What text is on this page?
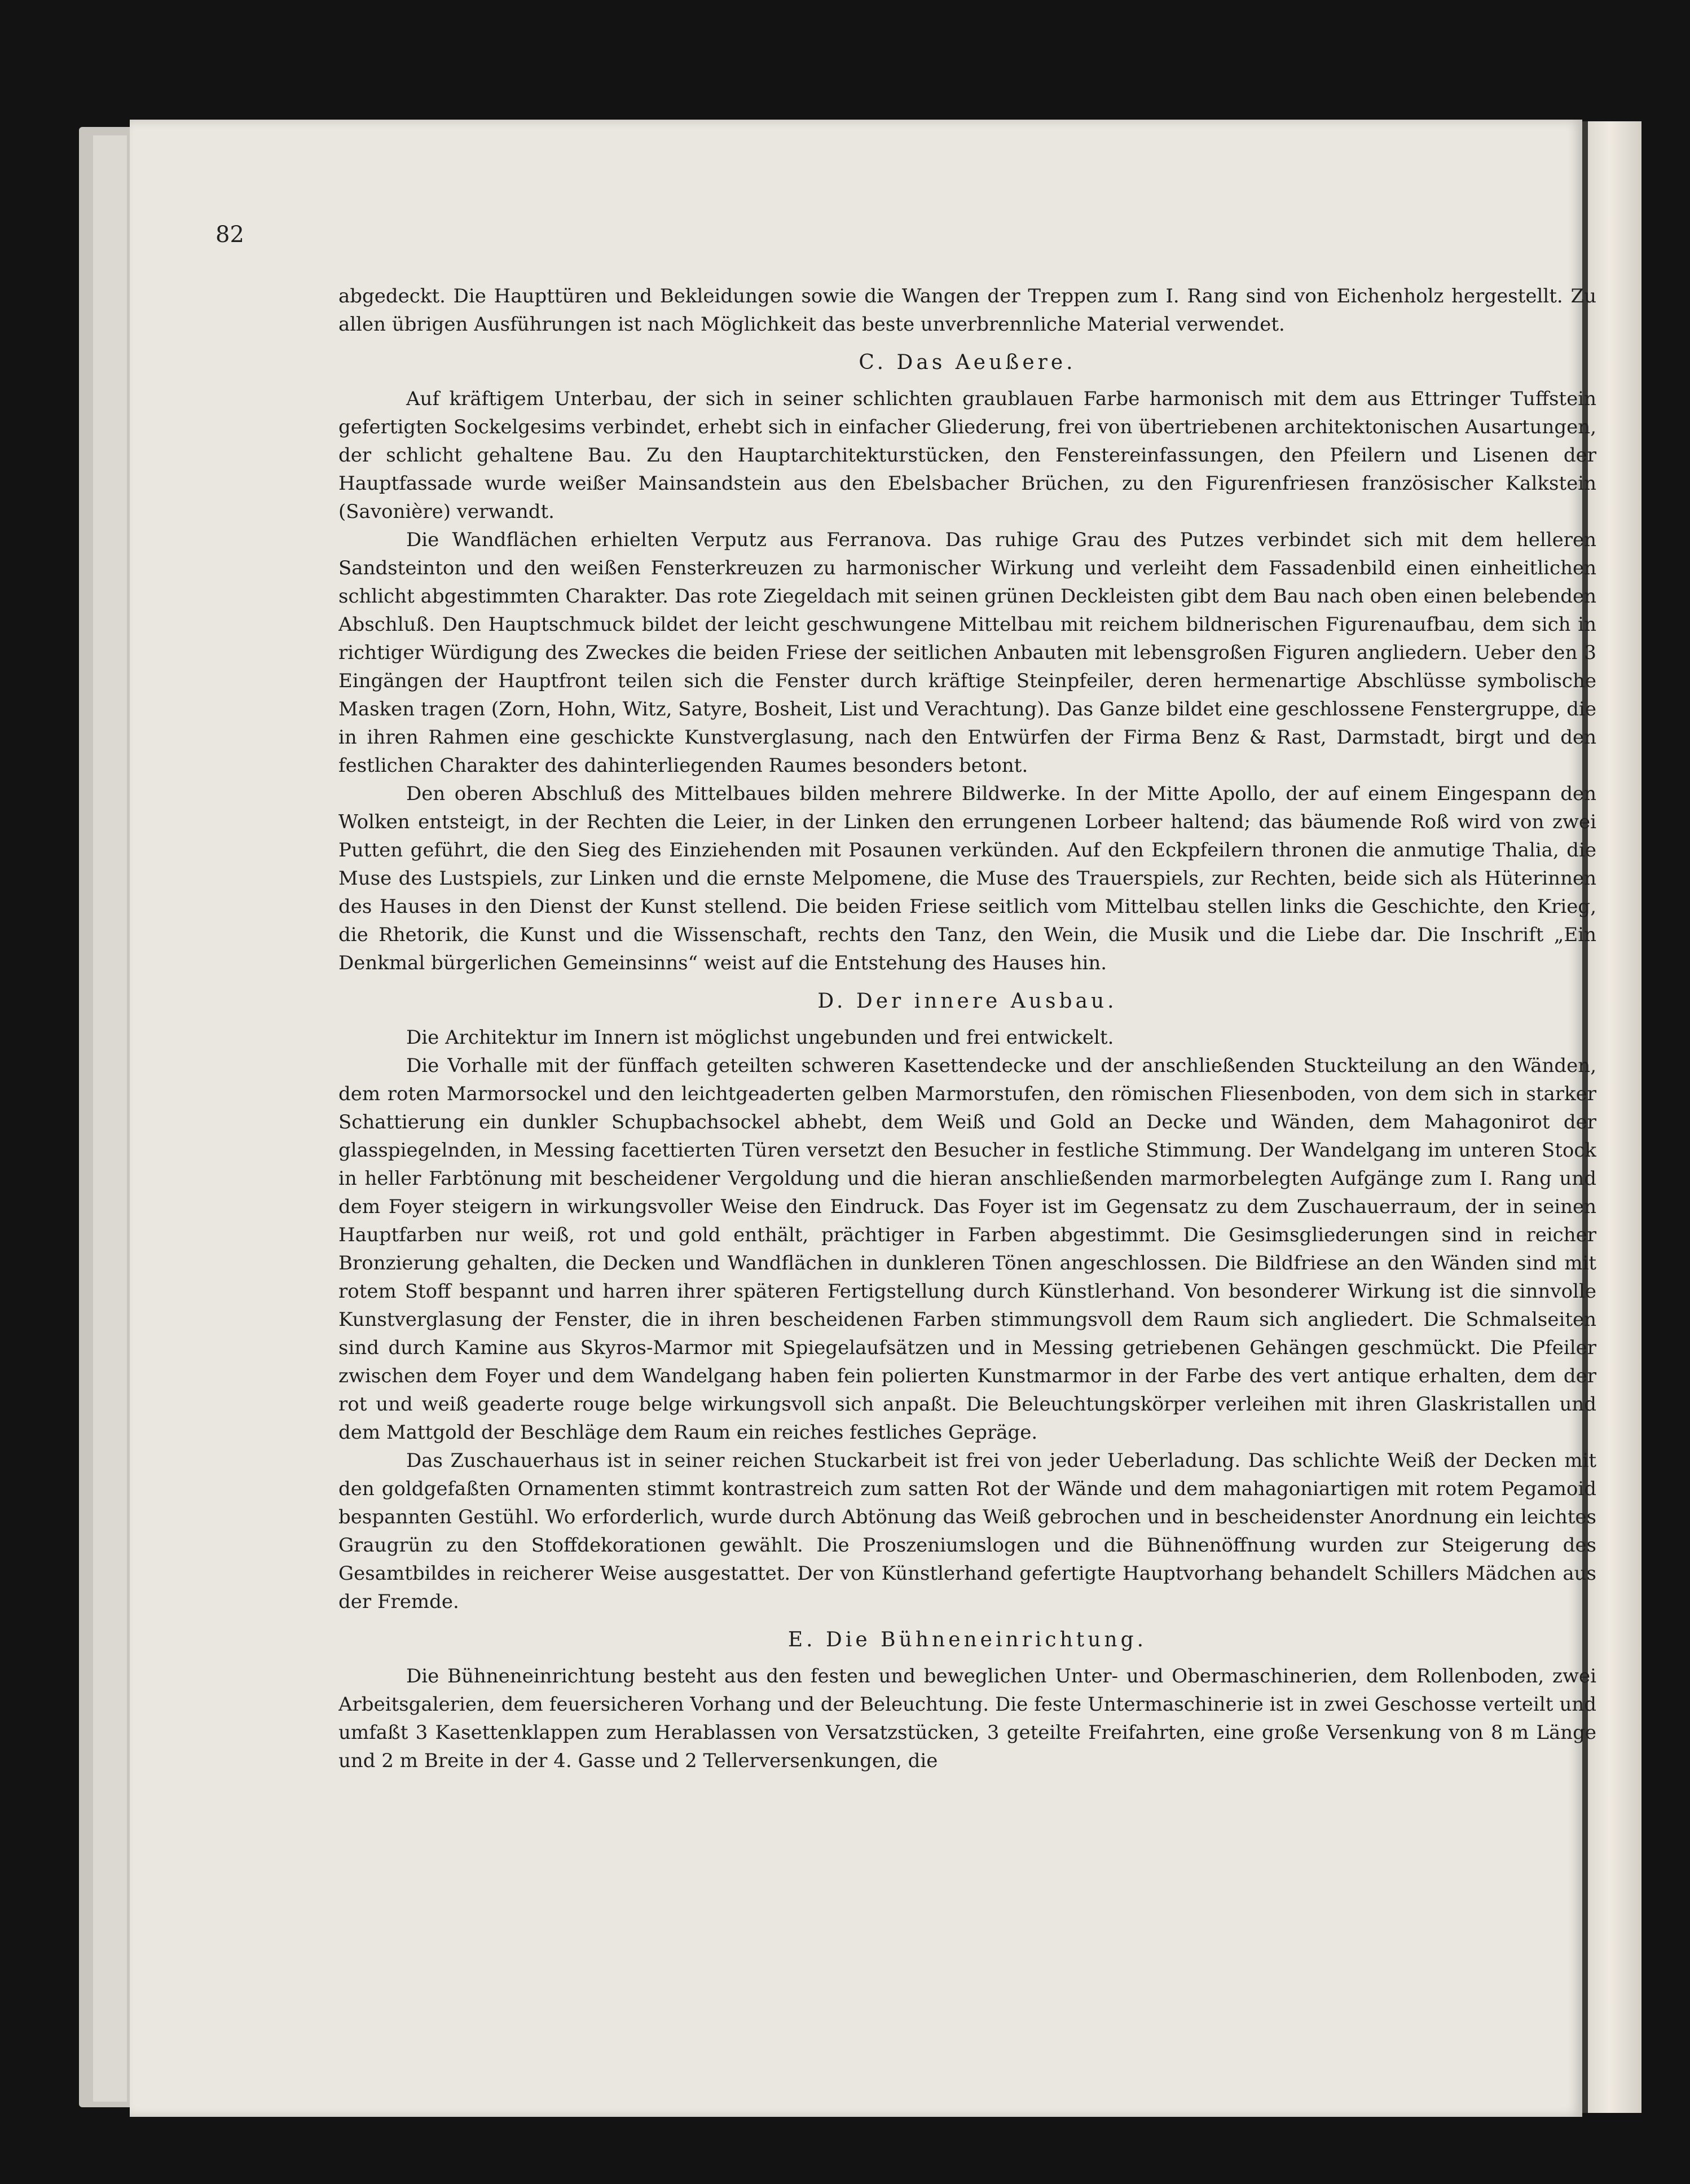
82

abgedeckt. Die Haupttüren und Bekleidungen sowie die Wangen der Treppen zum I. Rang sind von Eichenholz hergestellt. Zu allen übrigen Ausführungen ist nach Möglichkeit das beste unverbrennliche Material verwendet.

C. Das Aeußere.

Auf kräftigem Unterbau, der sich in seiner schlichten graublauen Farbe harmonisch mit dem aus Ettringer Tuffstein gefertigten Sockelgesims verbindet, erhebt sich in einfacher Gliederung, frei von übertriebenen architektonischen Ausartungen, der schlicht gehaltene Bau. Zu den Hauptarchitekturstücken, den Fenstereinfassungen, den Pfeilern und Lisenen der Hauptfassade wurde weißer Mainsandstein aus den Ebelsbacher Brüchen, zu den Figurenfriesen französischer Kalkstein (Savonière) verwandt.

Die Wandflächen erhielten Verputz aus Ferranova. Das ruhige Grau des Putzes verbindet sich mit dem helleren Sandsteinton und den weißen Fensterkreuzen zu harmonischer Wirkung und verleiht dem Fassadenbild einen einheitlichen schlicht abgestimmten Charakter. Das rote Ziegeldach mit seinen grünen Deckleisten gibt dem Bau nach oben einen belebenden Abschluß. Den Hauptschmuck bildet der leicht geschwungene Mittelbau mit reichem bildnerischen Figurenaufbau, dem sich in richtiger Würdigung des Zweckes die beiden Friese der seitlichen Anbauten mit lebensgroßen Figuren angliedern. Ueber den 3 Eingängen der Hauptfront teilen sich die Fenster durch kräftige Steinpfeiler, deren hermenartige Abschlüsse symbolische Masken tragen (Zorn, Hohn, Witz, Satyre, Bosheit, List und Verachtung). Das Ganze bildet eine geschlossene Fenstergruppe, die in ihren Rahmen eine geschickte Kunstverglasung, nach den Entwürfen der Firma Benz & Rast, Darmstadt, birgt und den festlichen Charakter des dahinterliegenden Raumes besonders betont.

Den oberen Abschluß des Mittelbaues bilden mehrere Bildwerke. In der Mitte Apollo, der auf einem Eingespann den Wolken entsteigt, in der Rechten die Leier, in der Linken den errungenen Lorbeer haltend; das bäumende Roß wird von zwei Putten geführt, die den Sieg des Einziehenden mit Posaunen verkünden. Auf den Eckpfeilern thronen die anmutige Thalia, die Muse des Lustspiels, zur Linken und die ernste Melpomene, die Muse des Trauerspiels, zur Rechten, beide sich als Hüterinnen des Hauses in den Dienst der Kunst stellend. Die beiden Friese seitlich vom Mittelbau stellen links die Geschichte, den Krieg, die Rhetorik, die Kunst und die Wissenschaft, rechts den Tanz, den Wein, die Musik und die Liebe dar. Die Inschrift „Ein Denkmal bürgerlichen Gemeinsinns“ weist auf die Entstehung des Hauses hin.

D. Der innere Ausbau.

Die Architektur im Innern ist möglichst ungebunden und frei entwickelt.

Die Vorhalle mit der fünffach geteilten schweren Kasettendecke und der anschließenden Stuckteilung an den Wänden, dem roten Marmorsockel und den leichtgeaderten gelben Marmorstufen, den römischen Fliesenboden, von dem sich in starker Schattierung ein dunkler Schupbachsockel abhebt, dem Weiß und Gold an Decke und Wänden, dem Mahagonirot der glasspiegelnden, in Messing facettierten Türen versetzt den Besucher in festliche Stimmung. Der Wandelgang im unteren Stock in heller Farbtönung mit bescheidener Vergoldung und die hieran anschließenden marmorbelegten Aufgänge zum I. Rang und dem Foyer steigern in wirkungsvoller Weise den Eindruck. Das Foyer ist im Gegensatz zu dem Zuschauerraum, der in seinen Hauptfarben nur weiß, rot und gold enthält, prächtiger in Farben abgestimmt. Die Gesimsgliederungen sind in reicher Bronzierung gehalten, die Decken und Wandflächen in dunkleren Tönen angeschlossen. Die Bildfriese an den Wänden sind mit rotem Stoff bespannt und harren ihrer späteren Fertigstellung durch Künstlerhand. Von besonderer Wirkung ist die sinnvolle Kunstverglasung der Fenster, die in ihren bescheidenen Farben stimmungsvoll dem Raum sich angliedert. Die Schmalseiten sind durch Kamine aus Skyros-Marmor mit Spiegelaufsätzen und in Messing getriebenen Gehängen geschmückt. Die Pfeiler zwischen dem Foyer und dem Wandelgang haben fein polierten Kunstmarmor in der Farbe des vert antique erhalten, dem der rot und weiß geaderte rouge belge wirkungsvoll sich anpaßt. Die Beleuchtungskörper verleihen mit ihren Glaskristallen und dem Mattgold der Beschläge dem Raum ein reiches festliches Gepräge.

Das Zuschauerhaus ist in seiner reichen Stuckarbeit ist frei von jeder Ueberladung. Das schlichte Weiß der Decken mit den goldgefaßten Ornamenten stimmt kontrastreich zum satten Rot der Wände und dem mahagoniartigen mit rotem Pegamoid bespannten Gestühl. Wo erforderlich, wurde durch Abtönung das Weiß gebrochen und in bescheidenster Anordnung ein leichtes Graugrün zu den Stoffdekorationen gewählt. Die Proszeniumslogen und die Bühnenöffnung wurden zur Steigerung des Gesamtbildes in reicherer Weise ausgestattet. Der von Künstlerhand gefertigte Hauptvorhang behandelt Schillers Mädchen aus der Fremde.

E. Die Bühneneinrichtung.

Die Bühneneinrichtung besteht aus den festen und beweglichen Unter- und Obermaschinerien, dem Rollenboden, zwei Arbeitsgalerien, dem feuersicheren Vorhang und der Beleuchtung. Die feste Untermaschinerie ist in zwei Geschosse verteilt und umfaßt 3 Kasettenklappen zum Herablassen von Versatzstücken, 3 geteilte Freifahrten, eine große Versenkung von 8 m Länge und 2 m Breite in der 4. Gasse und 2 Tellerversenkungen, die
